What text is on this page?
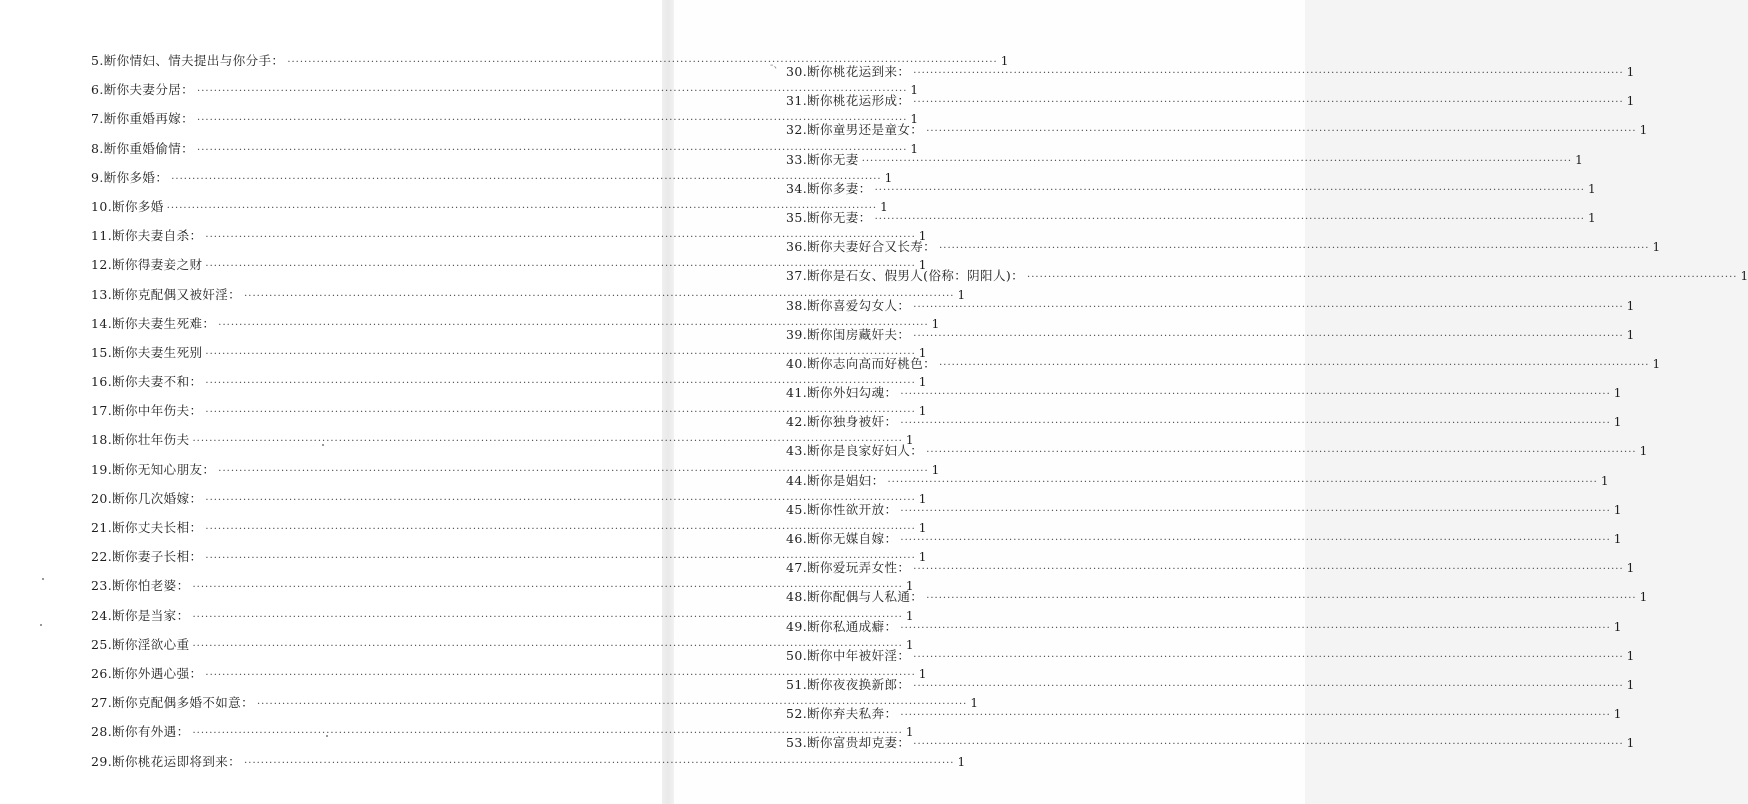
5.断你情妇、情夫提出与你分手： ·····	1
6.断你夫妻分居： ·····	1
7.断你重婚再嫁： ·····	1
8.断你重婚偷情： ·····	1
9.断你多婚： ·····	1
10.断你多婚 ·····	1
11.断你夫妻自杀： ·····	1
12.断你得妻妾之财 ·····	1
13.断你克配偶又被奸淫： ·····	1
14.断你夫妻生死难： ·····	1
15.断你夫妻生死别 ·····	1
16.断你夫妻不和： ·····	1
17.断你中年伤夫： ·····	1
18.断你壮年伤夫 ·····	1
19.断你无知心朋友： ·····	1
20.断你几次婚嫁： ·····	1
21.断你丈夫长相： ·····	1
22.断你妻子长相： ·····	1
23.断你怕老婆： ·····	1
24.断你是当家： ·····	1
25.断你淫欲心重 ·····	1
26.断你外遇心强： ·····	1
27.断你克配偶多婚不如意： ·····	1
28.断你有外遇： ·····	1
29.断你桃花运即将到来： ·····	1
30.断你桃花运到来： ·····	1
31.断你桃花运形成： ·····	1
32.断你童男还是童女： ·····	1
33.断你无妻 ·····	1
34.断你多妻： ·····	1
35.断你无妻： ·····	1
36.断你夫妻好合又长寿： ·····	1
37.断你是石女、假男人(俗称：阴阳人)： ·····	1
38.断你喜爱勾女人： ·····	1
39.断你闺房藏奸夫： ·····	1
40.断你志向高而好桃色： ·····	1
41.断你外妇勾魂： ·····	1
42.断你独身被奸： ·····	1
43.断你是良家好妇人： ·····	1
44.断你是娼妇： ·····	1
45.断你性欲开放： ·····	1
46.断你无媒自嫁： ·····	1
47.断你爱玩弄女性： ·····	1
48.断你配偶与人私通： ·····	1
49.断你私通成癖： ·····	1
50.断你中年被奸淫： ·····	1
51.断你夜夜换新郎： ·····	1
52.断你弃夫私奔： ·····	1
53.断你富贵却克妻： ·····	1
-、
